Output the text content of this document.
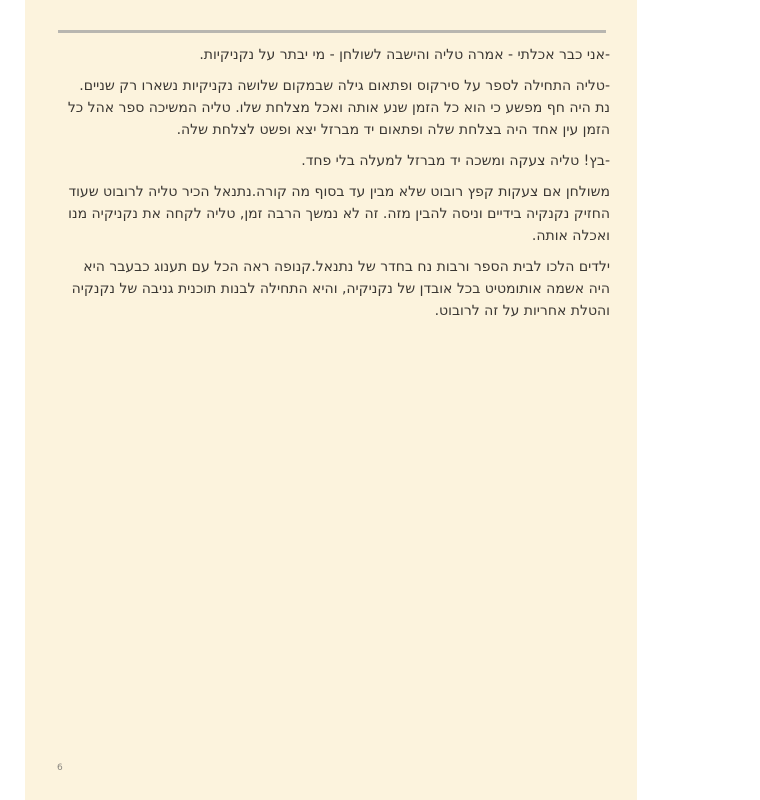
-אני כבר אכלתי - אמרה טליה והישבה לשולחן - מי יבתר על נקניקיות.

-טליה התחילה לספר על סירקוס ופתאום גילה שבמקום שלושה נקניקיות נשארו רק שניים. נת היה חף מפשע כי הוא כל הזמן שנע אותה ואכל מצלחת שלו. טליה המשיכה ספר אהל כל הזמן עין אחד היה בצלחת שלה ופתאום יד מברזל יצא ופשט לצלחת שלה.

-בץ! טליה צעקה ומשכה יד מברזל למעלה בלי פחד.

משולחן אם צעקות קפץ רובוט שלא מבין עד בסוף מה קורה.נתנאל הכיר טליה לרובוט שעוד החזיק נקנקיה בידיים וניסה להבין מזה. זה לא נמשך הרבה זמן, טליה לקחה את נקניקיה מנו ואכלה אותה.

ילדים הלכו לבית הספר ורבות נח בחדר של נתנאל.קנופה ראה הכל עם תענוג כבעבר היא היה אשמה אותומטיט בכל אובדן של נקניקיה, והיא התחילה לבנות תוכנית גניבה של נקנקיה והטלת אחריות על זה לרובוט.

6
